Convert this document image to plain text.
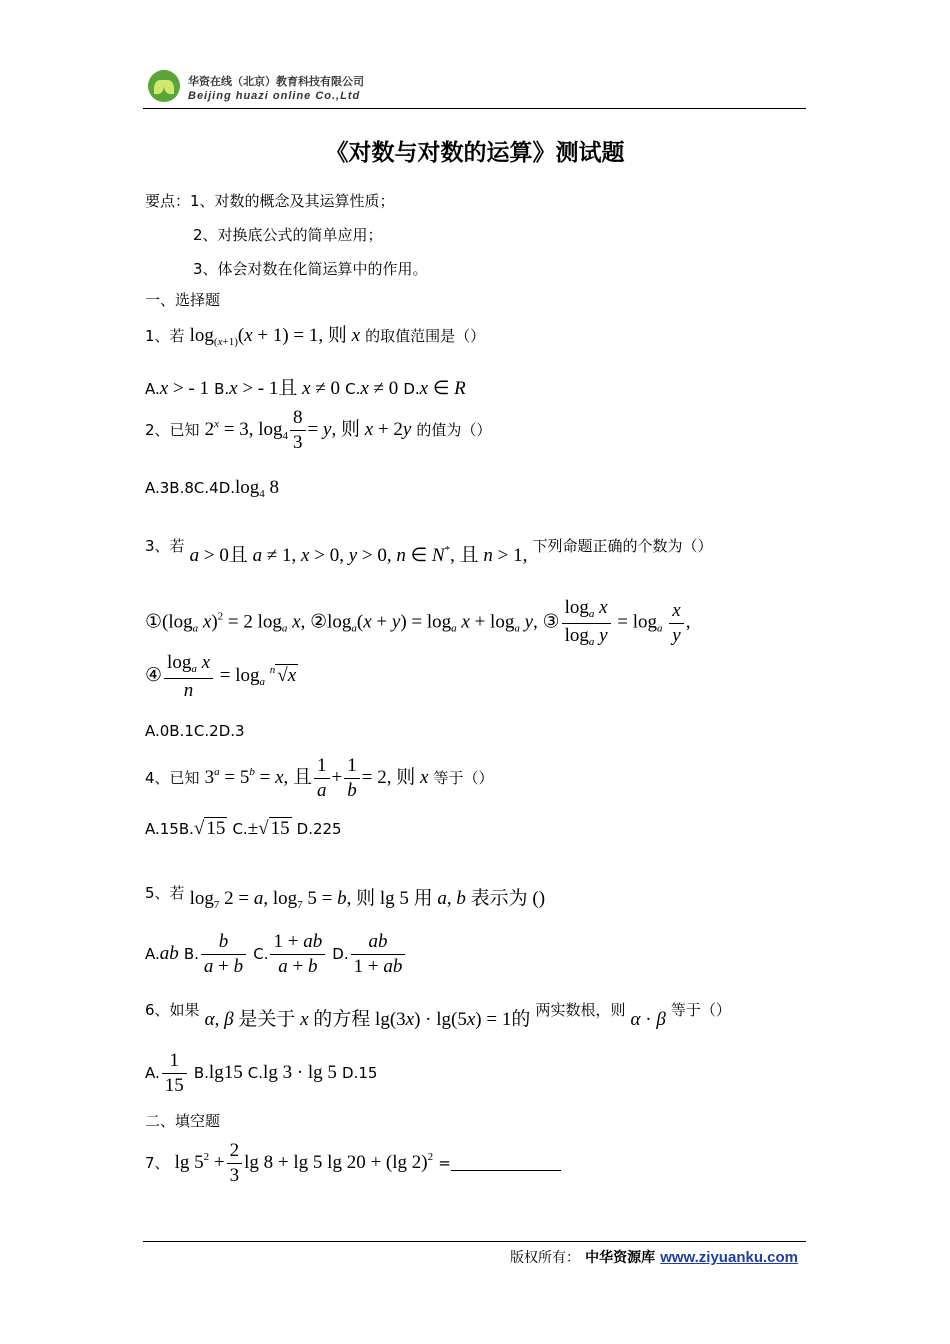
华资在线（北京）教育科技有限公司
Beijing huazi online Co.,Ltd
《对数与对数的运算》测试题
要点：1、对数的概念及其运算性质；
2、对换底公式的简单应用；
3、体会对数在化简运算中的作用。
一、选择题
1、若 $\log_{(x+1)}(x + 1) = 1$, 则 x 的取值范围是（）
A.x > - 1 B.x > - 1且 x ≠ 0 C.x ≠ 0 D.x ∈ R
2、已知 $2^x = 3$, $\log_4 \frac{8}{3} = y$, 则 x + 2y 的值为（）
$A.3B.8C.4D.\log_4$ 8
3、若 a > 0且 a ≠ 1, x > 0, y > 0, n ∈ N*, 且 n > 1, 下列命题正确的个数为（）
$①(\log_a$ x)$^2$ = 2 $\log_a x$, $②\log_a(x + y) = \log_a x + \log_a y$, ③ $\frac{\log_a x}{\log_a y} = \log_a \frac{x}{y}$ ,
④ $\frac{\log_a x}{n} = \log_a ^n$ √x
A.0B.1C.2D.3
4、已知 $3^a = 5^b = x$, 且 $\frac{1}{a} + \frac{1}{b} = 2$, 则 x 等于（）
A.15B.√ 15 C.±√ 15 D.225
5、若 $\log_7 2 = a$, $\log_7 5 = b$, 则 lg 5 用 a, b 表示为 ()
A.ab B. $\frac{b}{a + b} C$. $\frac{1 + ab}{a + b} D$. $\frac{ab}{1 + ab}$
6、如果 α, β 是关于 x 的方程 lg(3x) · lg(5x) = 1的 两实数根，则 α · β 等于（）
A. $\frac{1}{15} B.\lg 15$ C.lg 3 · lg 5 D.15
二、填空题
7、 $\lg 5^2 + \frac{2}{3}$ lg 8 + lg 5 lg 20 + (lg 2)$^2$ =
版权所有： 中华资源库 www.ziyuanku.com
